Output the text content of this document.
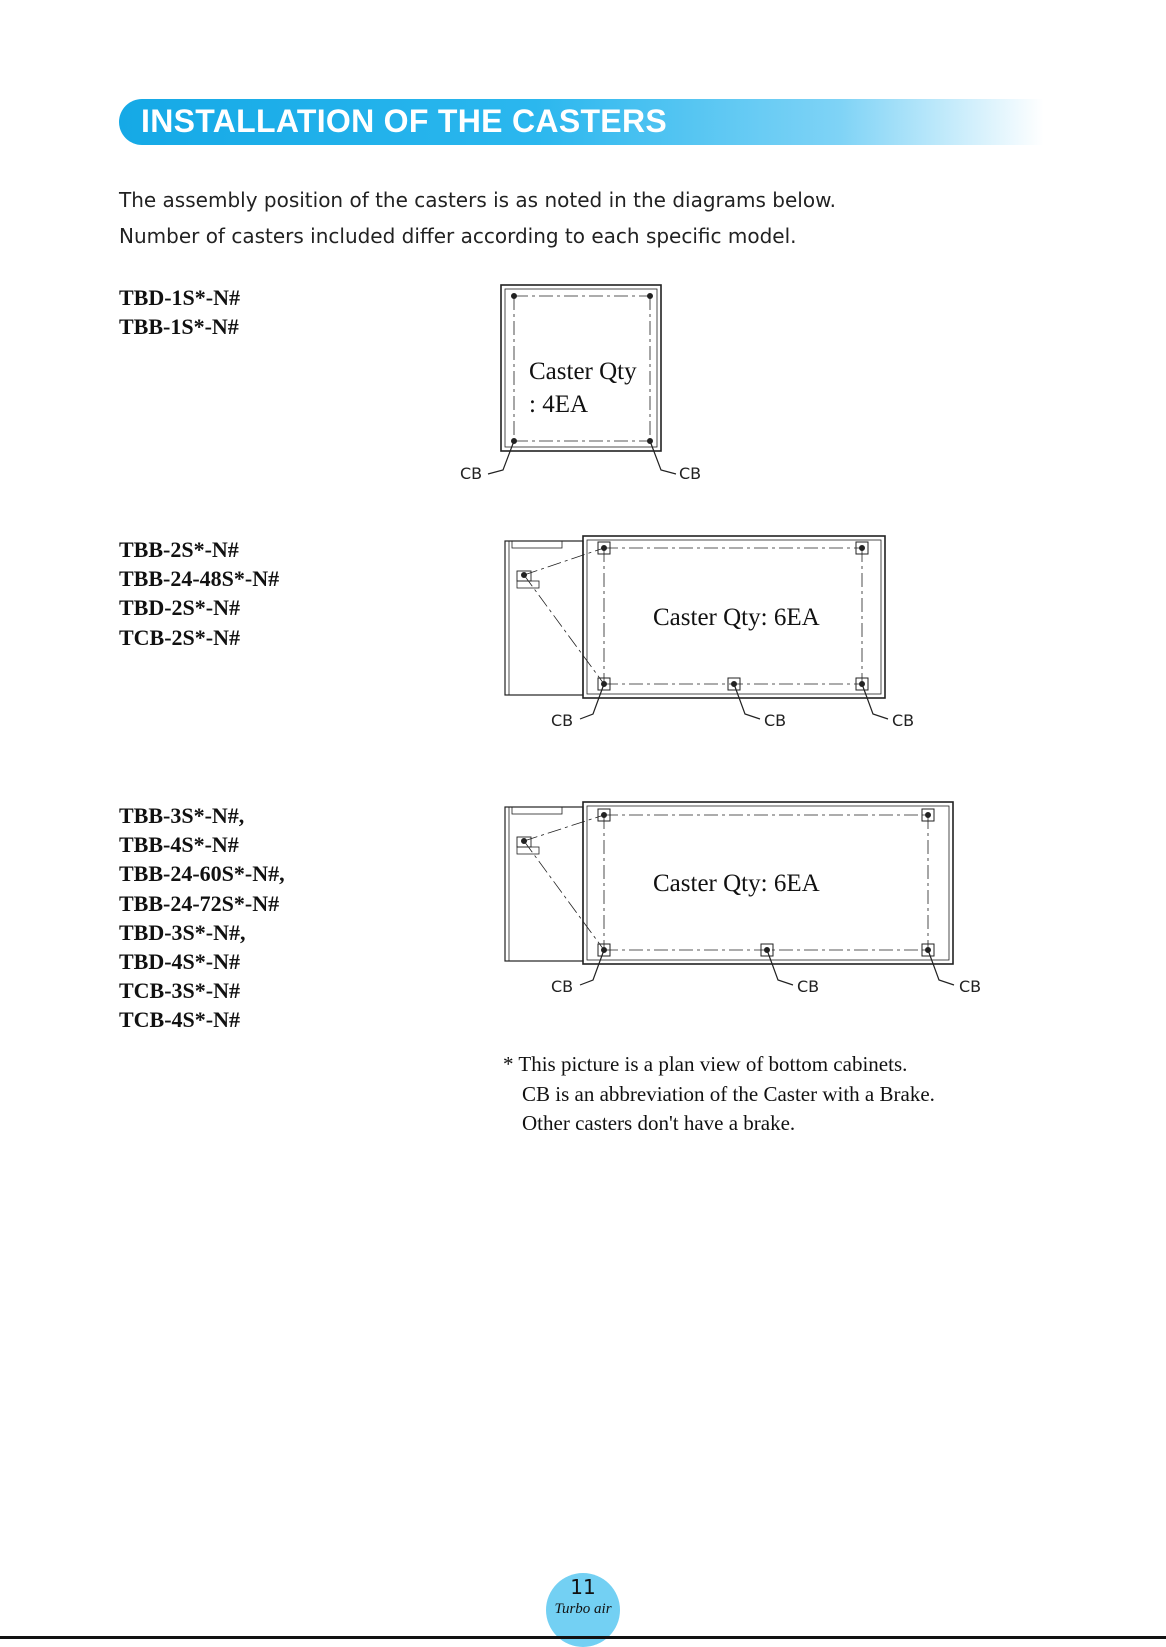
INSTALLATION OF THE CASTERS
The assembly position of the casters is as noted in the diagrams below.
Number of casters included differ according to each specific model.
TBD-1S*-N#
TBB-1S*-N#
TBB-2S*-N#
TBB-24-48S*-N#
TBD-2S*-N#
TCB-2S*-N#
TBB-3S*-N#,
TBB-4S*-N#
TBB-24-60S*-N#,
TBB-24-72S*-N#
TBD-3S*-N#,
TBD-4S*-N#
TCB-3S*-N#
TCB-4S*-N#
Caster Qty
: 4EA
CB	CB
Caster Qty: 6EA
CB	CB	CB
Caster Qty: 6EA
CB	CB	CB
* This picture is a plan view of bottom cabinets.
CB is an abbreviation of the Caster with a Brake.
Other casters don't have a brake.
11
Turbo air
